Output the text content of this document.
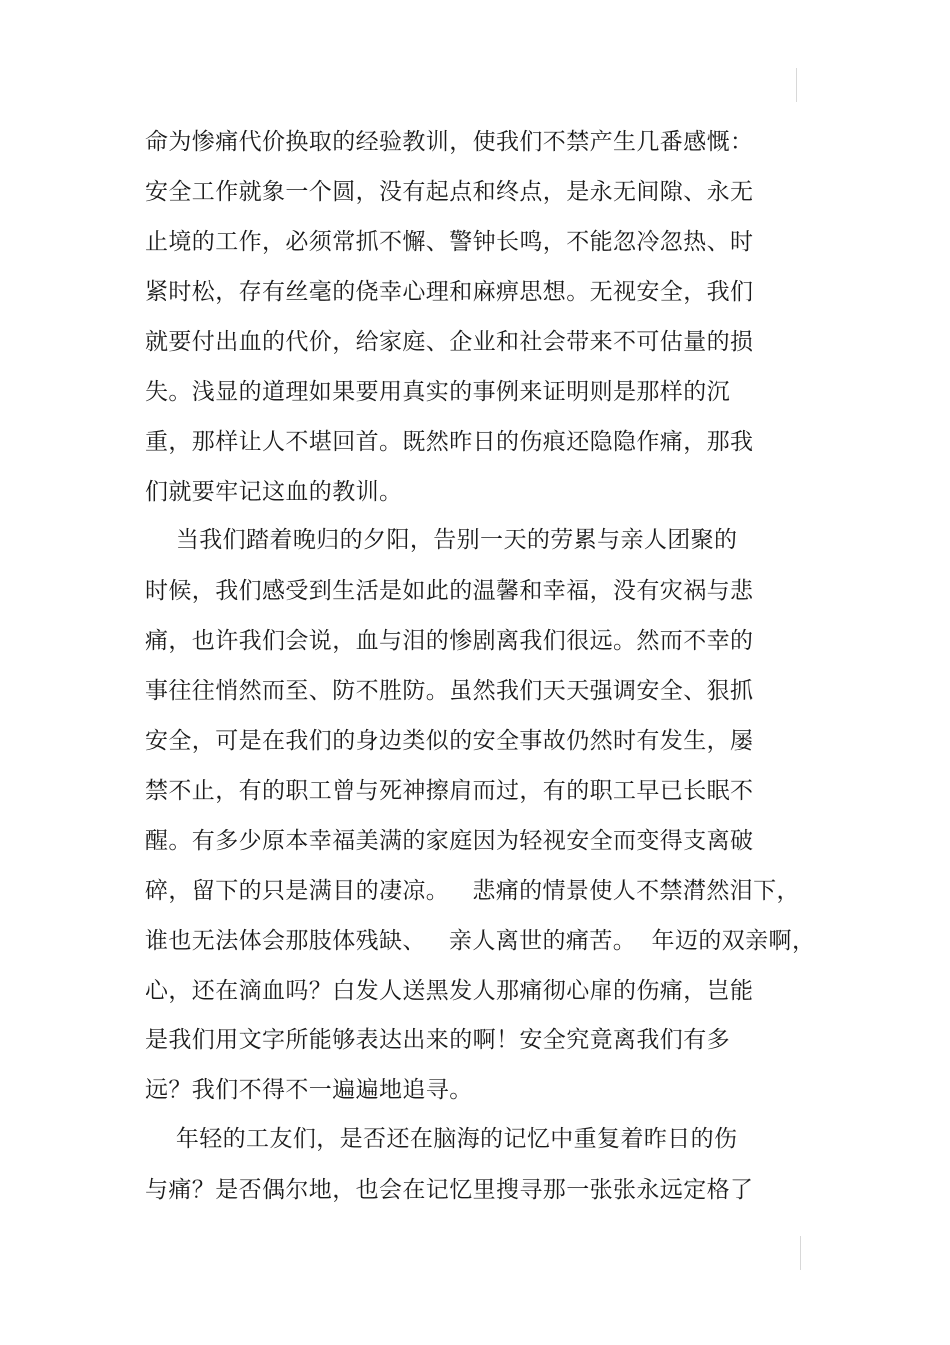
命为惨痛代价换取的经验教训，使我们不禁产生几番感慨：
安全工作就象一个圆，没有起点和终点，是永无间隙、永无
止境的工作，必须常抓不懈、警钟长鸣，不能忽冷忽热、时
紧时松，存有丝毫的侥幸心理和麻痹思想。无视安全，我们
就要付出血的代价，给家庭、企业和社会带来不可估量的损
失。浅显的道理如果要用真实的事例来证明则是那样的沉
重，那样让人不堪回首。既然昨日的伤痕还隐隐作痛，那我
们就要牢记这血的教训。
当我们踏着晚归的夕阳，告别一天的劳累与亲人团聚的
时候，我们感受到生活是如此的温馨和幸福，没有灾祸与悲
痛，也许我们会说，血与泪的惨剧离我们很远。然而不幸的
事往往悄然而至、防不胜防。虽然我们天天强调安全、狠抓
安全，可是在我们的身边类似的安全事故仍然时有发生，屡
禁不止，有的职工曾与死神擦肩而过，有的职工早已长眠不
醒。有多少原本幸福美满的家庭因为轻视安全而变得支离破
碎，留下的只是满目的凄凉。   悲痛的情景使人不禁潸然泪下，
谁也无法体会那肢体残缺、   亲人离世的痛苦。  年迈的双亲啊，
心，还在滴血吗？白发人送黑发人那痛彻心扉的伤痛，岂能
是我们用文字所能够表达出来的啊！安全究竟离我们有多
远？我们不得不一遍遍地追寻。
年轻的工友们，是否还在脑海的记忆中重复着昨日的伤
与痛？是否偶尔地，也会在记忆里搜寻那一张张永远定格了
